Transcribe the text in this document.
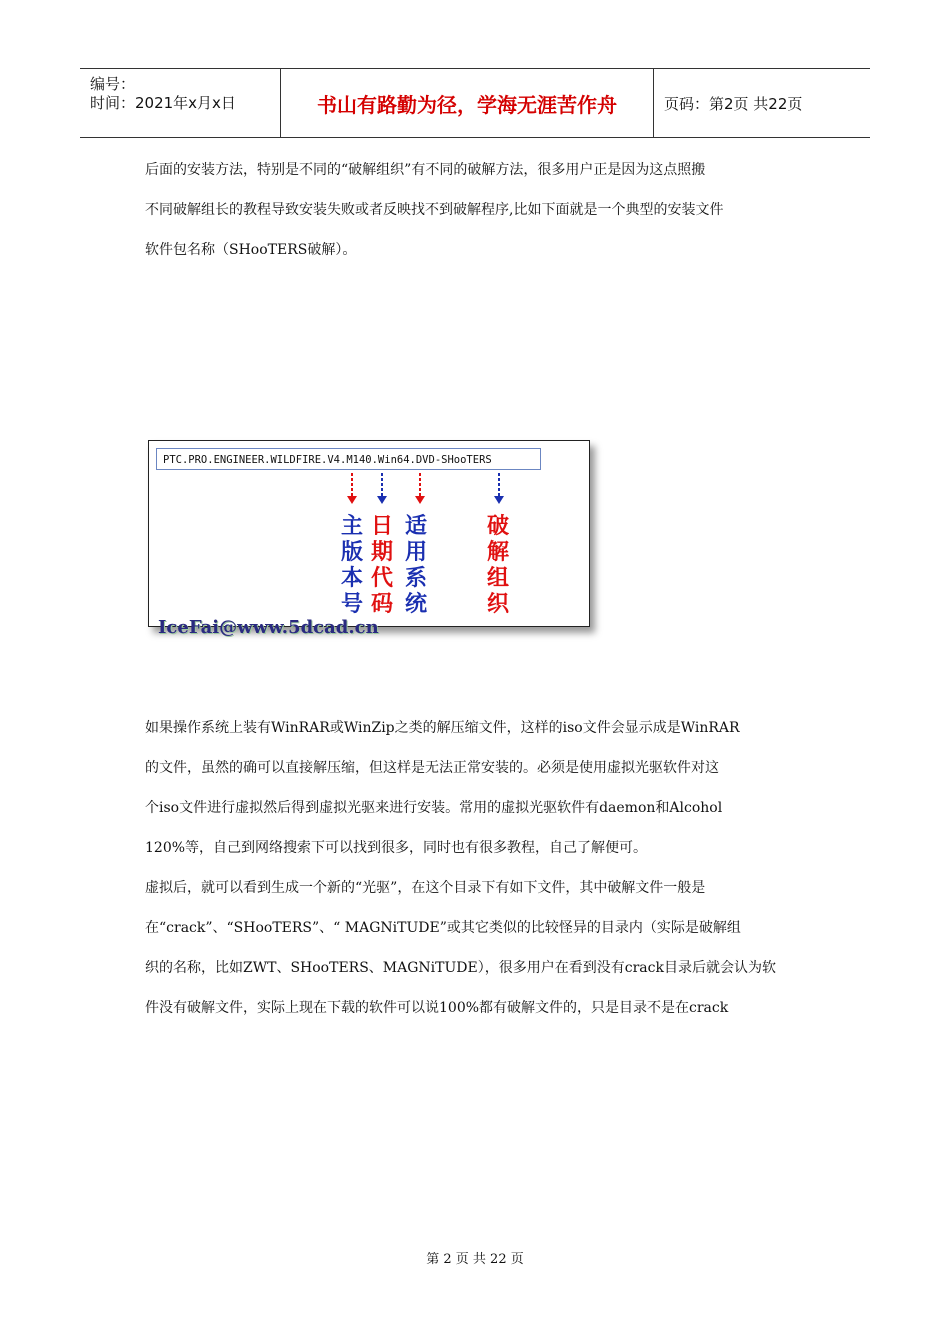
编号：
时间：2021年x月x日	书山有路勤为径，学海无涯苦作舟	页码：第2页 共22页
后面的安装方法，特别是不同的“破解组织”有不同的破解方法，很多用户正是因为这点照搬
不同破解组长的教程导致安装失败或者反映找不到破解程序,比如下面就是一个典型的安装文件
软件包名称（SHooTERS破解）。
PTC.PRO.ENGINEER.WILDFIRE.V4.M140.Win64.DVD-SHooTERS
主版本号
日期代码
适用系统
破解组织
IceFai@www.5dcad.cn
如果操作系统上装有WinRAR或WinZip之类的解压缩文件，这样的iso文件会显示成是WinRAR
的文件，虽然的确可以直接解压缩，但这样是无法正常安装的。必须是使用虚拟光驱软件对这
个iso文件进行虚拟然后得到虚拟光驱来进行安装。常用的虚拟光驱软件有daemon和Alcohol
120%等，自己到网络搜索下可以找到很多，同时也有很多教程，自己了解便可。
虚拟后，就可以看到生成一个新的“光驱”，在这个目录下有如下文件，其中破解文件一般是
在“crack”、“SHooTERS”、“ MAGNiTUDE”或其它类似的比较怪异的目录内（实际是破解组
织的名称，比如ZWT、SHooTERS、MAGNiTUDE），很多用户在看到没有crack目录后就会认为软
件没有破解文件，实际上现在下载的软件可以说100%都有破解文件的，只是目录不是在crack
第 2 页 共 22 页
